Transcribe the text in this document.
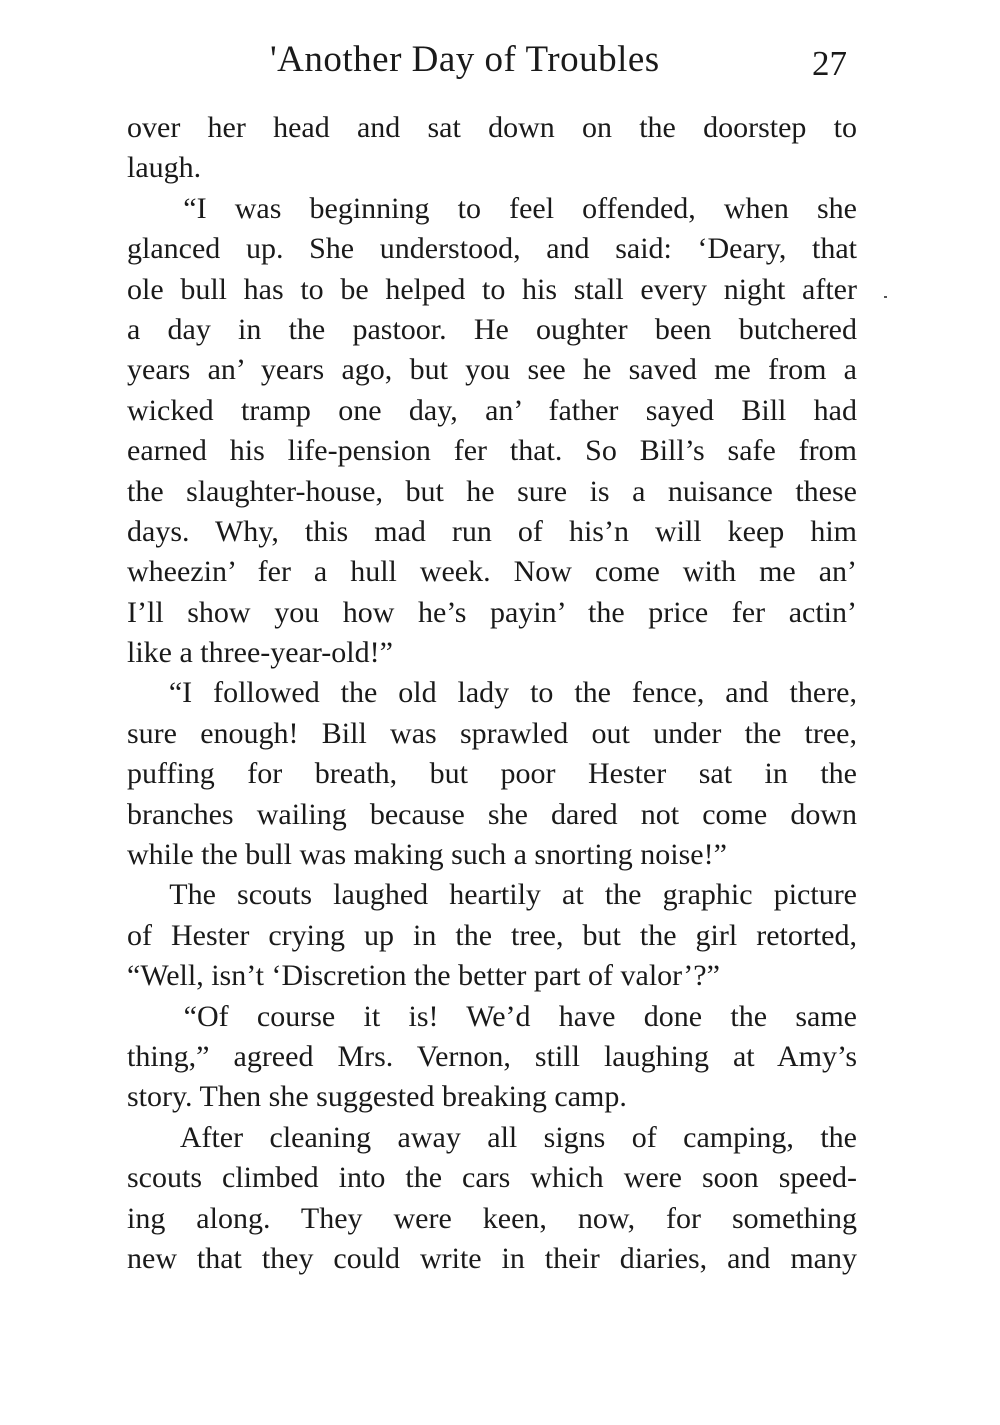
'Another Day of Troubles	27
over her head and sat down on the doorstep to
laugh.
“I was beginning to feel offended, when she
glanced up. She understood, and said: ‘Deary, that
ole bull has to be helped to his stall every night after
a day in the pastoor. He oughter been butchered
years an’ years ago, but you see he saved me from a
wicked tramp one day, an’ father sayed Bill had
earned his life-pension fer that. So Bill’s safe from
the slaughter-house, but he sure is a nuisance these
days. Why, this mad run of his’n will keep him
wheezin’ fer a hull week. Now come with me an’
I’ll show you how he’s payin’ the price fer actin’
like a three-year-old!”
“I followed the old lady to the fence, and there,
sure enough! Bill was sprawled out under the tree,
puffing for breath, but poor Hester sat in the
branches wailing because she dared not come down
while the bull was making such a snorting noise!”
The scouts laughed heartily at the graphic picture
of Hester crying up in the tree, but the girl retorted,
“Well, isn’t ‘Discretion the better part of valor’?”
“Of course it is! We’d have done the same
thing,” agreed Mrs. Vernon, still laughing at Amy’s
story. Then she suggested breaking camp.
After cleaning away all signs of camping, the
scouts climbed into the cars which were soon speed-
ing along. They were keen, now, for something
new that they could write in their diaries, and many
